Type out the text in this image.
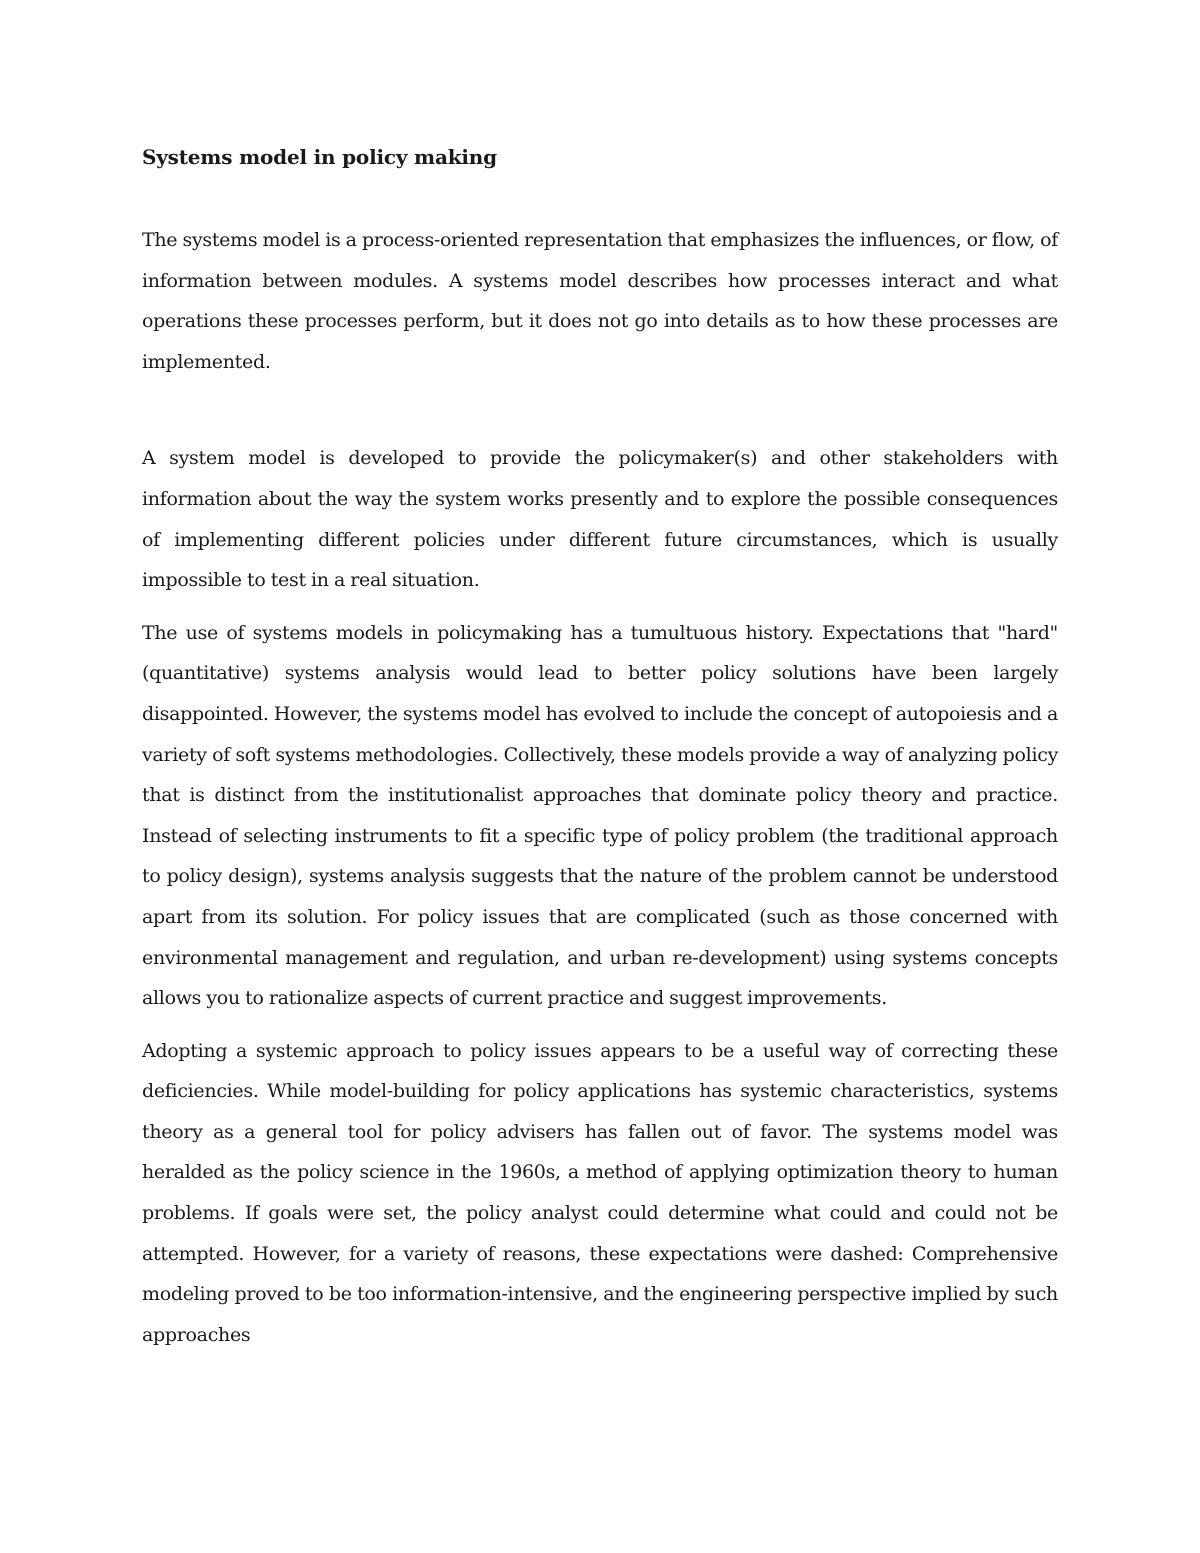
Systems model in policy making

The systems model is a process-oriented representation that emphasizes the influences, or flow, of information between modules. A systems model describes how processes interact and what operations these processes perform, but it does not go into details as to how these processes are implemented.

A system model is developed to provide the policymaker(s) and other stakeholders with information about the way the system works presently and to explore the possible consequences of implementing different policies under different future circumstances, which is usually impossible to test in a real situation.

The use of systems models in policymaking has a tumultuous history. Expectations that "hard" (quantitative) systems analysis would lead to better policy solutions have been largely disappointed. However, the systems model has evolved to include the concept of autopoiesis and a variety of soft systems methodologies. Collectively, these models provide a way of analyzing policy that is distinct from the institutionalist approaches that dominate policy theory and practice. Instead of selecting instruments to fit a specific type of policy problem (the traditional approach to policy design), systems analysis suggests that the nature of the problem cannot be understood apart from its solution. For policy issues that are complicated (such as those concerned with environmental management and regulation, and urban re-development) using systems concepts allows you to rationalize aspects of current practice and suggest improvements.

Adopting a systemic approach to policy issues appears to be a useful way of correcting these deficiencies. While model-building for policy applications has systemic characteristics, systems theory as a general tool for policy advisers has fallen out of favor. The systems model was heralded as the policy science in the 1960s, a method of applying optimization theory to human problems. If goals were set, the policy analyst could determine what could and could not be attempted. However, for a variety of reasons, these expectations were dashed: Comprehensive modeling proved to be too information-intensive, and the engineering perspective implied by such approaches
